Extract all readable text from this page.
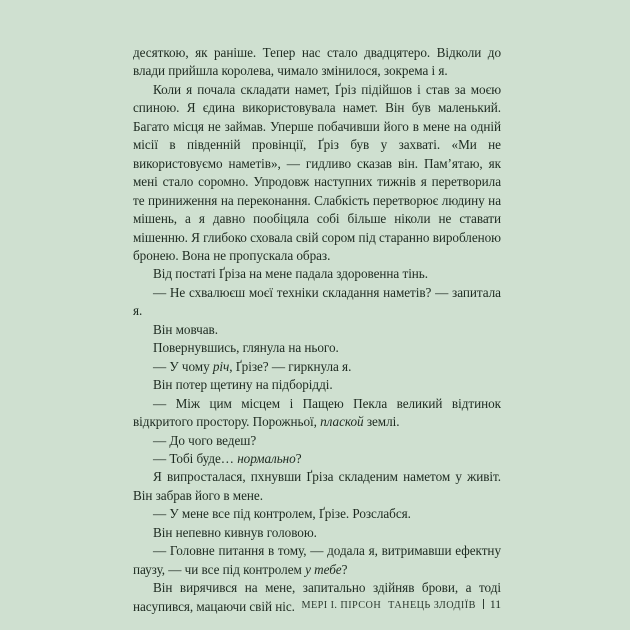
десяткою, як раніше. Тепер нас стало двадцятеро. Відколи до влади прийшла королева, чимало змінилося, зокрема і я.

Коли я почала складати намет, Ґріз підійшов і став за моєю спиною. Я єдина використовувала намет. Він був маленький. Багато місця не займав. Уперше побачивши його в мене на одній місії в південній провінції, Ґріз був у захваті. «Ми не використовуємо наметів», — гидливо сказав він. Пам’ятаю, як мені стало соромно. Упродовж наступних тижнів я перетворила те приниження на переконання. Слабкість перетворює людину на мішень, а я давно пообіцяла собі більше ніколи не ставати мішенню. Я глибоко сховала свій сором під старанно виробленою бронею. Вона не пропускала образ.

Від постаті Ґріза на мене падала здоровенна тінь.

— Не схвалюєш моєї техніки складання наметів? — запитала я.

Він мовчав.

Повернувшись, глянула на нього.

— У чому річ, Ґрізе? — гиркнула я.

Він потер щетину на підборідді.

— Між цим місцем і Пащею Пекла великий відтинок відкритого простору. Порожньої, плаской землі.

— До чого ведеш?

— Тобі буде… нормально?

Я випросталася, пхнувши Ґріза складеним наметом у живіт. Він забрав його в мене.

— У мене все під контролем, Ґрізе. Розслабся.

Він непевно кивнув головою.

— Головне питання в тому, — додала я, витримавши ефектну паузу, — чи все під контролем у тебе?

Він вирячився на мене, запитально здійняв брови, а тоді насупився, мацаючи свій ніс. МЕРІ І. ПІРСОН ТАНЕЦЬ ЗЛОДІЇВ 11
